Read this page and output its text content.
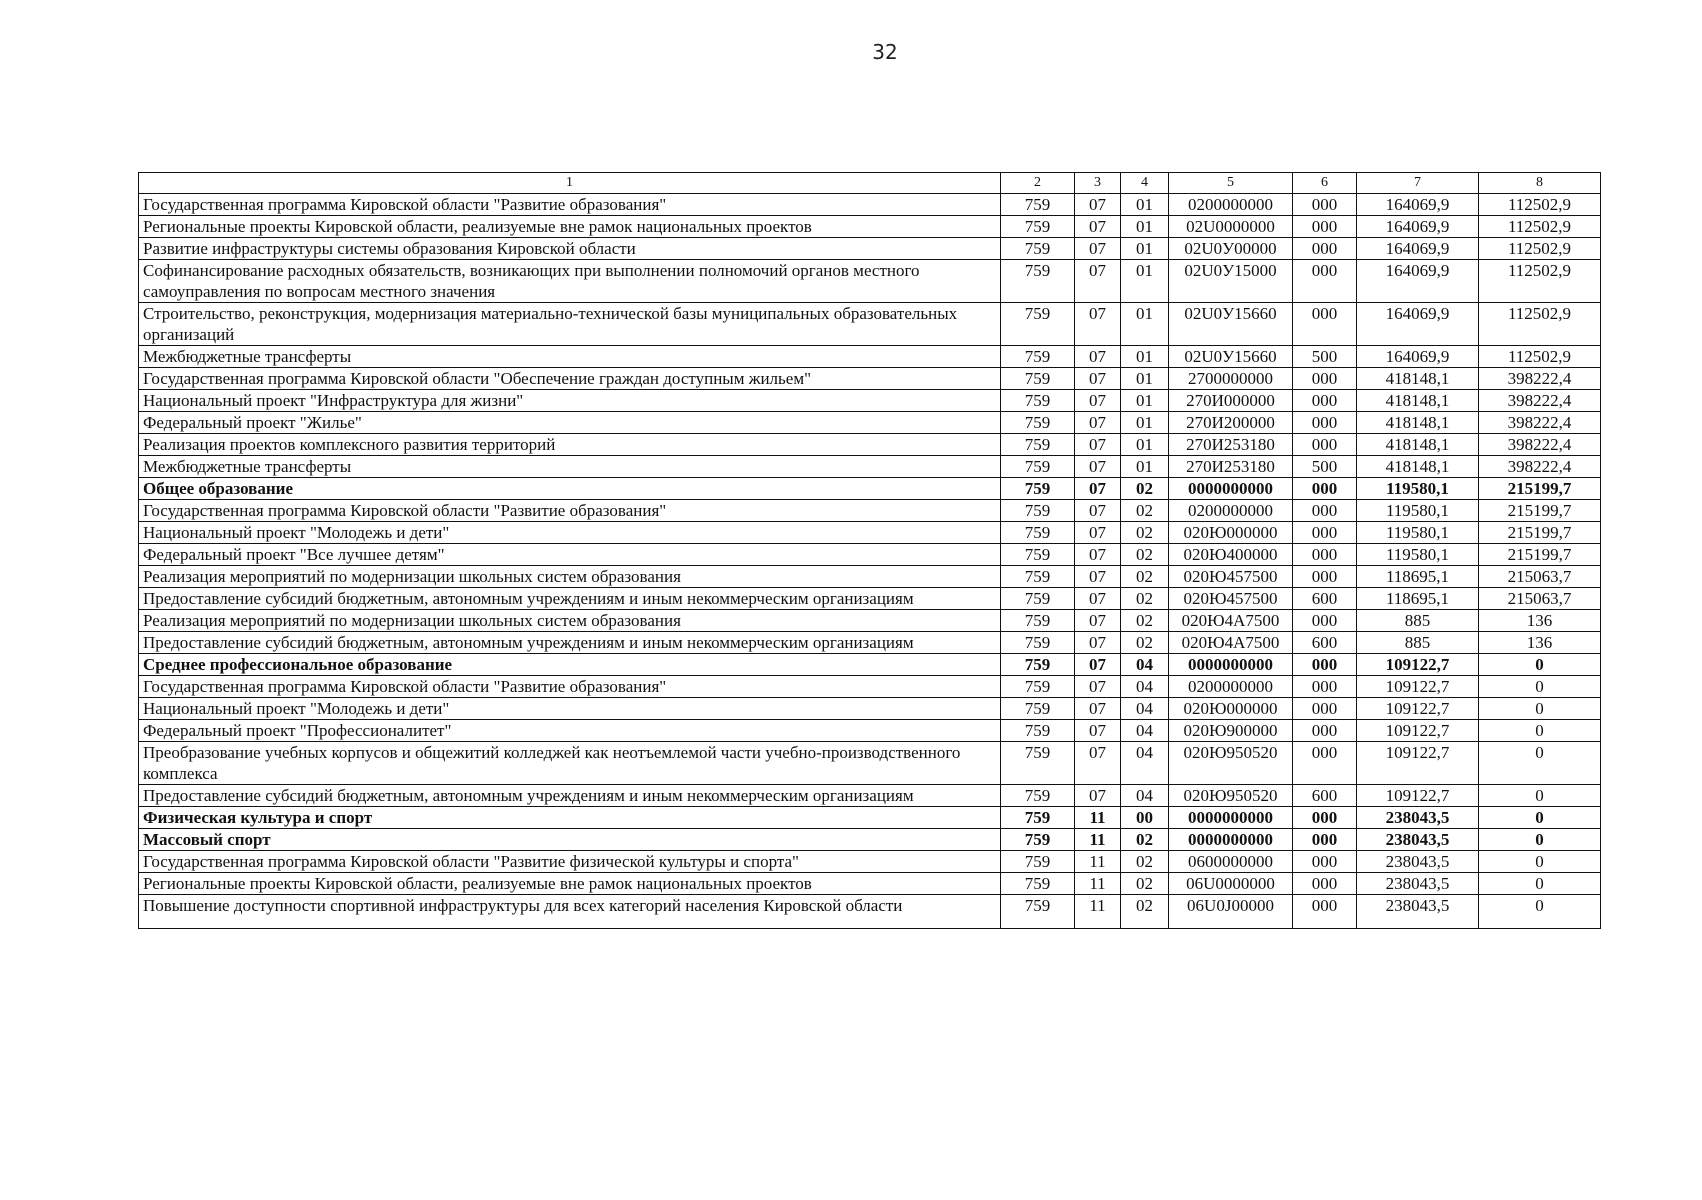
32
1	2	3	4	5	6	7	8
Государственная программа Кировской области "Развитие образования"	759	07	01	0200000000	000	164069,9	112502,9
Региональные проекты Кировской области, реализуемые вне рамок национальных проектов	759	07	01	02U0000000	000	164069,9	112502,9
Развитие инфраструктуры системы образования Кировской области	759	07	01	02U0У00000	000	164069,9	112502,9
Софинансирование расходных обязательств, возникающих при выполнении полномочий органов местного самоуправления по вопросам местного значения	759	07	01	02U0У15000	000	164069,9	112502,9
Строительство, реконструкция, модернизация материально-технической базы муниципальных образовательных организаций	759	07	01	02U0У15660	000	164069,9	112502,9
Межбюджетные трансферты	759	07	01	02U0У15660	500	164069,9	112502,9
Государственная программа Кировской области "Обеспечение граждан доступным жильем"	759	07	01	2700000000	000	418148,1	398222,4
Национальный проект "Инфраструктура для жизни"	759	07	01	270И000000	000	418148,1	398222,4
Федеральный проект "Жилье"	759	07	01	270И200000	000	418148,1	398222,4
Реализация проектов комплексного развития территорий	759	07	01	270И253180	000	418148,1	398222,4
Межбюджетные трансферты	759	07	01	270И253180	500	418148,1	398222,4
Общее образование	759	07	02	0000000000	000	119580,1	215199,7
Государственная программа Кировской области "Развитие образования"	759	07	02	0200000000	000	119580,1	215199,7
Национальный проект "Молодежь и дети"	759	07	02	020Ю000000	000	119580,1	215199,7
Федеральный проект "Все лучшее детям"	759	07	02	020Ю400000	000	119580,1	215199,7
Реализация мероприятий по модернизации школьных систем образования	759	07	02	020Ю457500	000	118695,1	215063,7
Предоставление субсидий бюджетным, автономным учреждениям и иным некоммерческим организациям	759	07	02	020Ю457500	600	118695,1	215063,7
Реализация мероприятий по модернизации школьных систем образования	759	07	02	020Ю4А7500	000	885	136
Предоставление субсидий бюджетным, автономным учреждениям и иным некоммерческим организациям	759	07	02	020Ю4А7500	600	885	136
Среднее профессиональное образование	759	07	04	0000000000	000	109122,7	0
Государственная программа Кировской области "Развитие образования"	759	07	04	0200000000	000	109122,7	0
Национальный проект "Молодежь и дети"	759	07	04	020Ю000000	000	109122,7	0
Федеральный проект "Профессионалитет"	759	07	04	020Ю900000	000	109122,7	0
Преобразование учебных корпусов и общежитий колледжей как неотъемлемой части учебно-производственного комплекса	759	07	04	020Ю950520	000	109122,7	0
Предоставление субсидий бюджетным, автономным учреждениям и иным некоммерческим организациям	759	07	04	020Ю950520	600	109122,7	0
Физическая культура и спорт	759	11	00	0000000000	000	238043,5	0
Массовый спорт	759	11	02	0000000000	000	238043,5	0
Государственная программа Кировской области "Развитие физической культуры и спорта"	759	11	02	0600000000	000	238043,5	0
Региональные проекты Кировской области, реализуемые вне рамок национальных проектов	759	11	02	06U0000000	000	238043,5	0
Повышение доступности спортивной инфраструктуры для всех категорий населения Кировской области	759	11	02	06U0J00000	000	238043,5	0
